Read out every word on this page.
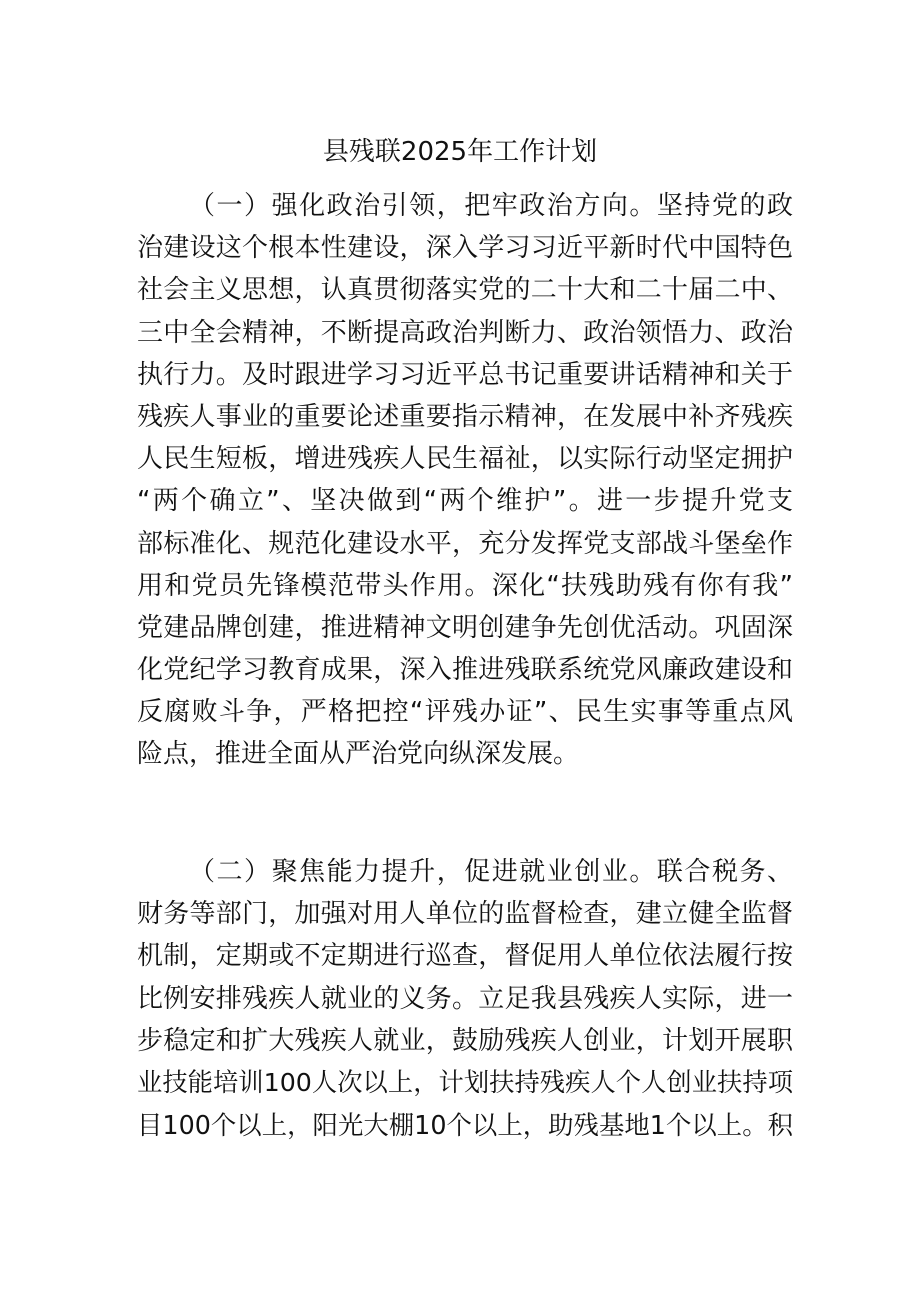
县残联2025年工作计划
（一）强化政治引领，把牢政治方向。坚持党的政
治建设这个根本性建设，深入学习习近平新时代中国特色
社会主义思想，认真贯彻落实党的二十大和二十届二中、
三中全会精神，不断提高政治判断力、政治领悟力、政治
执行力。及时跟进学习习近平总书记重要讲话精神和关于
残疾人事业的重要论述重要指示精神，在发展中补齐残疾
人民生短板，增进残疾人民生福祉，以实际行动坚定拥护
“两个确立”、坚决做到“两个维护”。进一步提升党支
部标准化、规范化建设水平，充分发挥党支部战斗堡垒作
用和党员先锋模范带头作用。深化“扶残助残有你有我”
党建品牌创建，推进精神文明创建争先创优活动。巩固深
化党纪学习教育成果，深入推进残联系统党风廉政建设和
反腐败斗争，严格把控“评残办证”、民生实事等重点风
险点，推进全面从严治党向纵深发展。
（二）聚焦能力提升，促进就业创业。联合税务、
财务等部门，加强对用人单位的监督检查，建立健全监督
机制，定期或不定期进行巡查，督促用人单位依法履行按
比例安排残疾人就业的义务。立足我县残疾人实际，进一
步稳定和扩大残疾人就业，鼓励残疾人创业，计划开展职
业技能培训100人次以上，计划扶持残疾人个人创业扶持项
目100个以上，阳光大棚10个以上，助残基地1个以上。积
